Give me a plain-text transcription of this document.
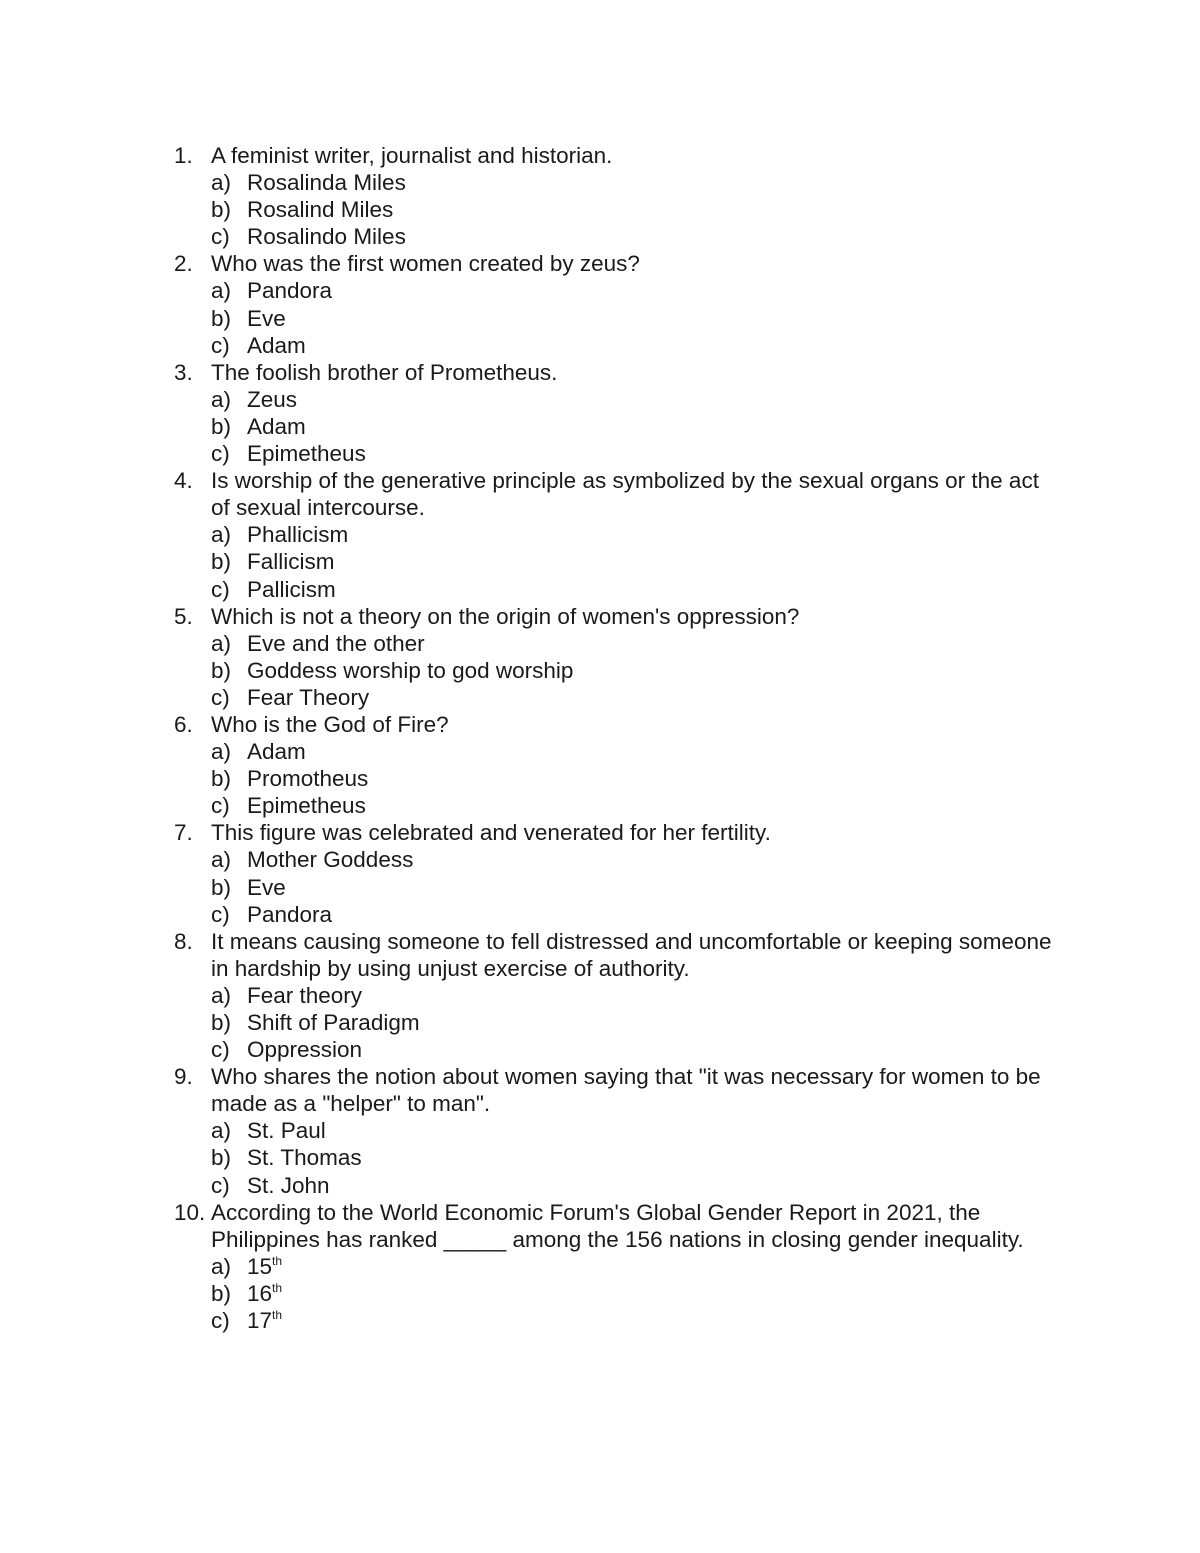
1. A feminist writer, journalist and historian.
a) Rosalinda Miles
b) Rosalind Miles
c) Rosalindo Miles
2. Who was the first women created by zeus?
a) Pandora
b) Eve
c) Adam
3. The foolish brother of Prometheus.
a) Zeus
b) Adam
c) Epimetheus
4. Is worship of the generative principle as symbolized by the sexual organs or the act of sexual intercourse.
a) Phallicism
b) Fallicism
c) Pallicism
5. Which is not a theory on the origin of women's oppression?
a) Eve and the other
b) Goddess worship to god worship
c) Fear Theory
6. Who is the God of Fire?
a) Adam
b) Promotheus
c) Epimetheus
7. This figure was celebrated and venerated for her fertility.
a) Mother Goddess
b) Eve
c) Pandora
8. It means causing someone to fell distressed and uncomfortable or keeping someone in hardship by using unjust exercise of authority.
a) Fear theory
b) Shift of Paradigm
c) Oppression
9. Who shares the notion about women saying that "it was necessary for women to be made as a "helper" to man".
a) St. Paul
b) St. Thomas
c) St. John
10. According to the World Economic Forum's Global Gender Report in 2021, the Philippines has ranked _____ among the 156 nations in closing gender inequality.
a) 15th
b) 16th
c) 17th
